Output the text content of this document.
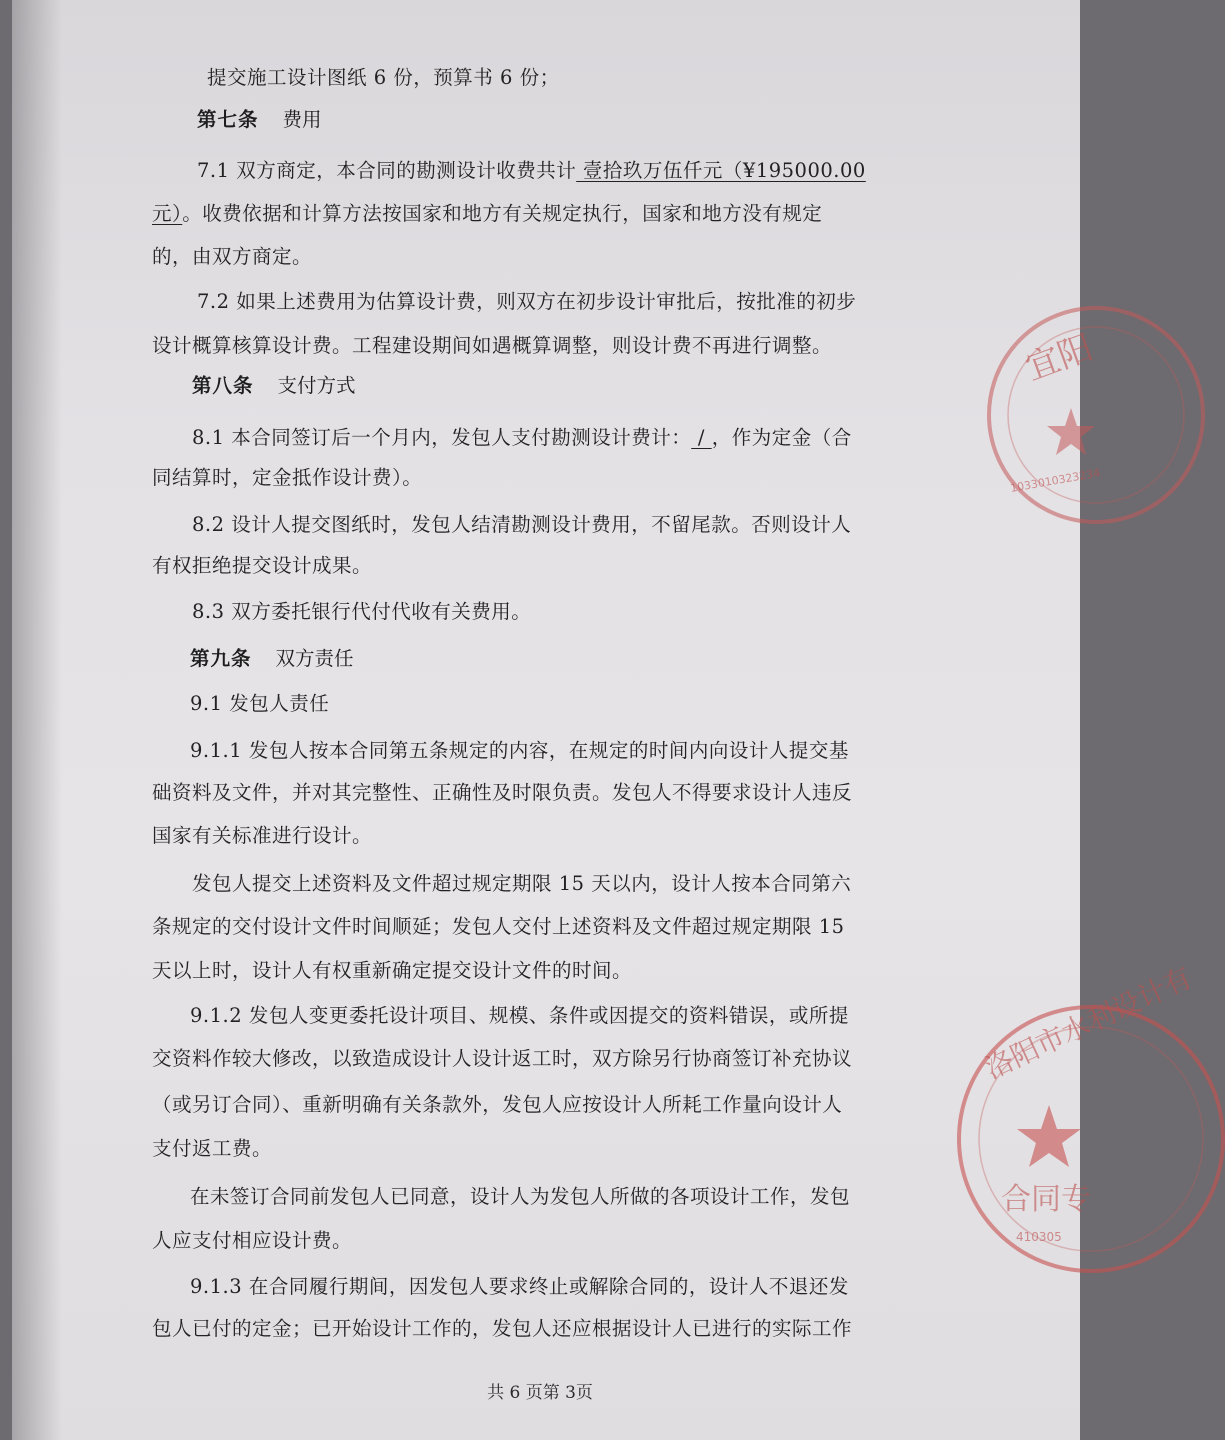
提交施工设计图纸 6 份，预算书 6 份；
第七条 费用
7.1 双方商定，本合同的勘测设计收费共计 壹拾玖万伍仟元（¥195000.00
元）。收费依据和计算方法按国家和地方有关规定执行，国家和地方没有规定
的，由双方商定。
7.2 如果上述费用为估算设计费，则双方在初步设计审批后，按批准的初步
设计概算核算设计费。工程建设期间如遇概算调整，则设计费不再进行调整。
第八条 支付方式
8.1 本合同签订后一个月内，发包人支付勘测设计费计： / ，作为定金（合
同结算时，定金抵作设计费）。
8.2 设计人提交图纸时，发包人结清勘测设计费用，不留尾款。否则设计人
有权拒绝提交设计成果。
8.3 双方委托银行代付代收有关费用。
第九条 双方责任
9.1 发包人责任
9.1.1 发包人按本合同第五条规定的内容，在规定的时间内向设计人提交基
础资料及文件，并对其完整性、正确性及时限负责。发包人不得要求设计人违反
国家有关标准进行设计。
发包人提交上述资料及文件超过规定期限 15 天以内，设计人按本合同第六
条规定的交付设计文件时间顺延；发包人交付上述资料及文件超过规定期限 15
天以上时，设计人有权重新确定提交设计文件的时间。
9.1.2 发包人变更委托设计项目、规模、条件或因提交的资料错误，或所提
交资料作较大修改，以致造成设计人设计返工时，双方除另行协商签订补充协议
（或另订合同）、重新明确有关条款外，发包人应按设计人所耗工作量向设计人
支付返工费。
在未签订合同前发包人已同意，设计人为发包人所做的各项设计工作，发包
人应支付相应设计费。
9.1.3 在合同履行期间，因发包人要求终止或解除合同的，设计人不退还发
包人已付的定金；已开始设计工作的，发包人还应根据设计人已进行的实际工作
共 6 页第 3页
宜阳
1033010323234
洛阳市水利设计有
合同专
410305
